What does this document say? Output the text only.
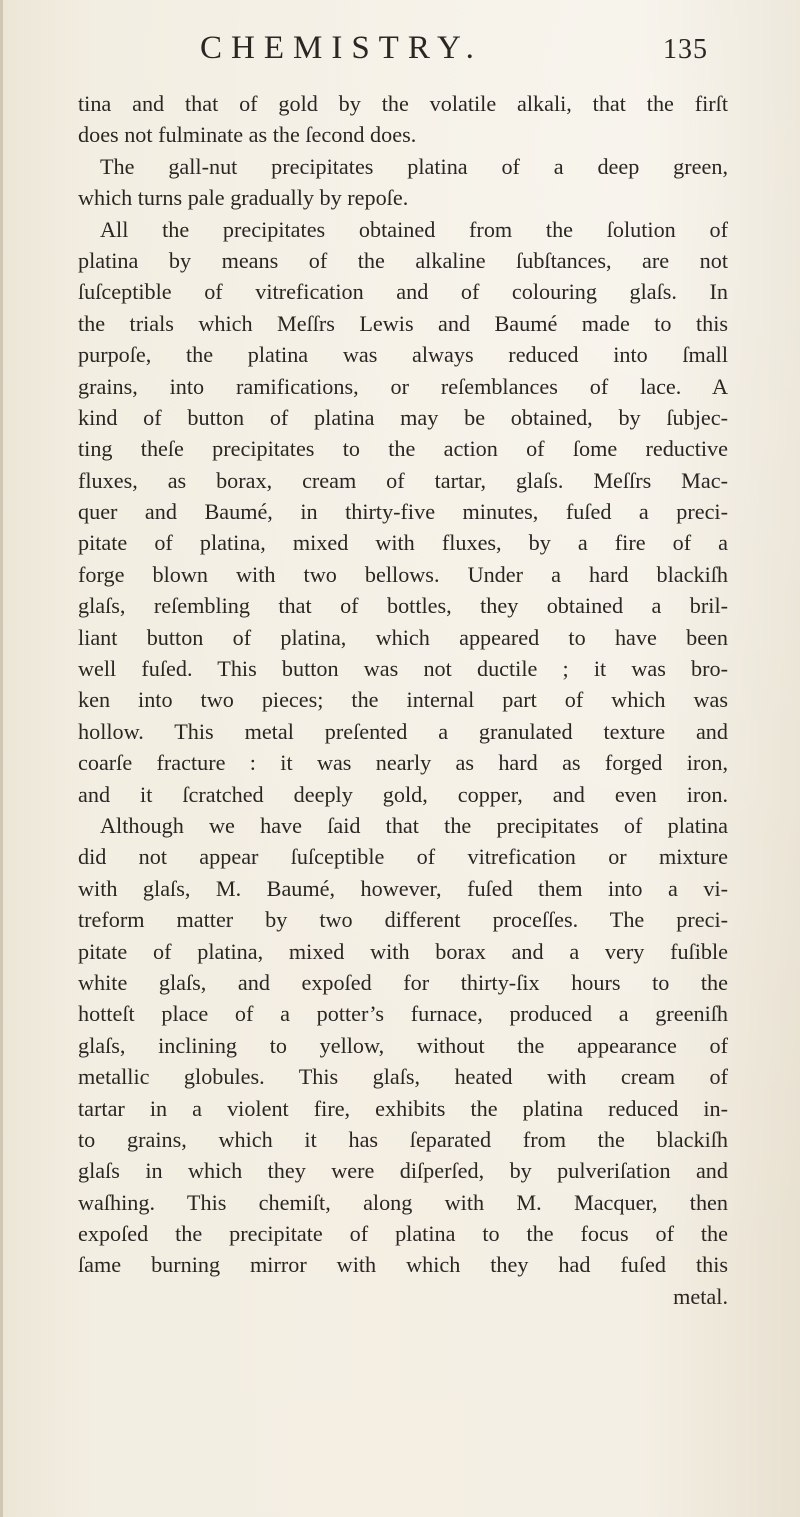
CHEMISTRY.	135
tina and that of gold by the volatile alkali, that the firſt
does not fulminate as the ſecond does.
The gall-nut precipitates platina of a deep green,
which turns pale gradually by repoſe.
All the precipitates obtained from the ſolution of
platina by means of the alkaline ſubſtances, are not
ſuſceptible of vitrefication and of colouring glaſs. In
the trials which Meſſrs Lewis and Baumé made to this
purpoſe, the platina was always reduced into ſmall
grains, into ramifications, or reſemblances of lace. A
kind of button of platina may be obtained, by ſubjec-
ting theſe precipitates to the action of ſome reductive
fluxes, as borax, cream of tartar, glaſs. Meſſrs Mac-
quer and Baumé, in thirty-five minutes, fuſed a preci-
pitate of platina, mixed with fluxes, by a fire of a
forge blown with two bellows. Under a hard blackiſh
glaſs, reſembling that of bottles, they obtained a bril-
liant button of platina, which appeared to have been
well fuſed. This button was not ductile ; it was bro-
ken into two pieces; the internal part of which was
hollow. This metal preſented a granulated texture and
coarſe fracture : it was nearly as hard as forged iron,
and it ſcratched deeply gold, copper, and even iron.
Although we have ſaid that the precipitates of platina
did not appear ſuſceptible of vitrefication or mixture
with glaſs, M. Baumé, however, fuſed them into a vi-
treform matter by two different proceſſes. The preci-
pitate of platina, mixed with borax and a very fuſible
white glaſs, and expoſed for thirty-ſix hours to the
hotteſt place of a potter’s furnace, produced a greeniſh
glaſs, inclining to yellow, without the appearance of
metallic globules. This glaſs, heated with cream of
tartar in a violent fire, exhibits the platina reduced in-
to grains, which it has ſeparated from the blackiſh
glaſs in which they were diſperſed, by pulveriſation and
waſhing. This chemiſt, along with M. Macquer, then
expoſed the precipitate of platina to the focus of the
ſame burning mirror with which they had fuſed this
metal.
